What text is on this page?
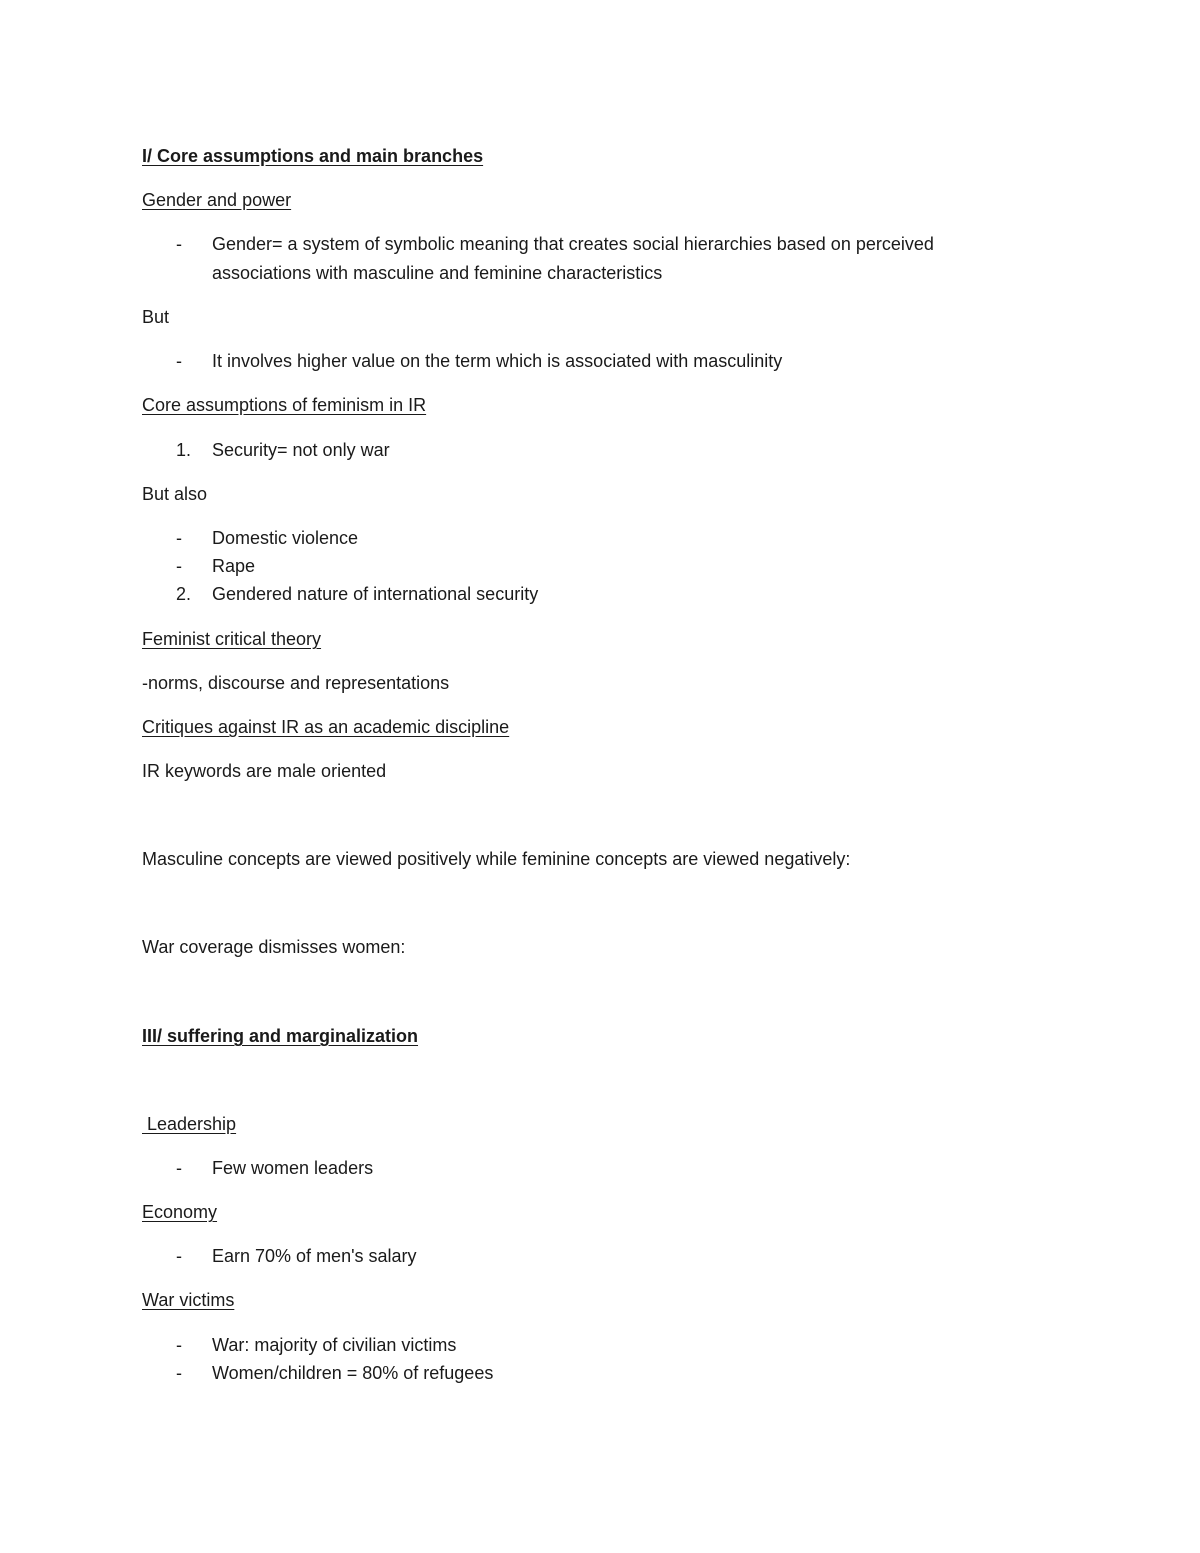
I/ Core assumptions and main branches
Gender and power
- Gender= a system of symbolic meaning that creates social hierarchies based on perceived
associations with masculine and feminine characteristics
But
- It involves higher value on the term which is associated with masculinity
Core assumptions of feminism in IR
1. Security= not only war
But also
- Domestic violence
- Rape
2. Gendered nature of international security
Feminist critical theory
-norms, discourse and representations
Critiques against IR as an academic discipline
IR keywords are male oriented
Masculine concepts are viewed positively while feminine concepts are viewed negatively:
War coverage dismisses women:
III/ suffering and marginalization
Leadership
- Few women leaders
Economy
- Earn 70% of men's salary
War victims
- War: majority of civilian victims
- Women/children = 80% of refugees
